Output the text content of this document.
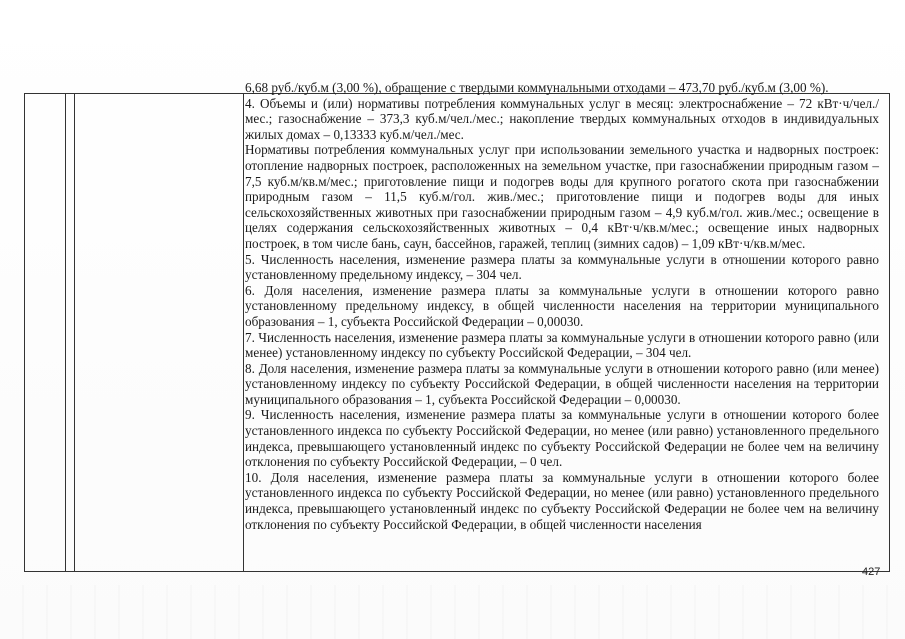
6,68 руб./куб.м (3,00 %), обращение с твердыми коммунальными отходами – 473,70 руб./куб.м (3,00 %).

4. Объемы и (или) нормативы потребления коммунальных услуг в месяц: электроснабжение – 72 кВт·ч/чел./мес.; газоснабжение – 373,3 куб.м/чел./мес.; накопление твердых коммунальных отходов в индивидуальных жилых домах – 0,13333 куб.м/чел./мес.

Нормативы потребления коммунальных услуг при использовании земельного участка и надворных построек: отопление надворных построек, расположенных на земельном участке, при газоснабжении природным газом – 7,5 куб.м/кв.м/мес.; приготовление пищи и подогрев воды для крупного рогатого скота при газоснабжении природным газом – 11,5 куб.м/гол. жив./мес.; приготовление пищи и подогрев воды для иных сельскохозяйственных животных при газоснабжении природным газом – 4,9 куб.м/гол. жив./мес.; освещение в целях содержания сельскохозяйственных животных – 0,4 кВт·ч/кв.м/мес.; освещение иных надворных построек, в том числе бань, саун, бассейнов, гаражей, теплиц (зимних садов) – 1,09 кВт·ч/кв.м/мес.

5. Численность населения, изменение размера платы за коммунальные услуги в отношении которого равно установленному предельному индексу, – 304 чел.

6. Доля населения, изменение размера платы за коммунальные услуги в отношении которого равно установленному предельному индексу, в общей численности населения на территории муниципального образования – 1, субъекта Российской Федерации – 0,00030.

7. Численность населения, изменение размера платы за коммунальные услуги в отношении которого равно (или менее) установленному индексу по субъекту Российской Федерации, – 304 чел.

8. Доля населения, изменение размера платы за коммунальные услуги в отношении которого равно (или менее) установленному индексу по субъекту Российской Федерации, в общей численности населения на территории муниципального образования – 1, субъекта Российской Федерации – 0,00030.

9. Численность населения, изменение размера платы за коммунальные услуги в отношении которого более установленного индекса по субъекту Российской Федерации, но менее (или равно) установленного предельного индекса, превышающего установленный индекс по субъекту Российской Федерации не более чем на величину отклонения по субъекту Российской Федерации, – 0 чел.

10. Доля населения, изменение размера платы за коммунальные услуги в отношении которого более установленного индекса по субъекту Российской Федерации, но менее (или равно) установленного предельного индекса, превышающего установленный индекс по субъекту Российской Федерации не более чем на величину отклонения по субъекту Российской Федерации, в общей численности населения

427
